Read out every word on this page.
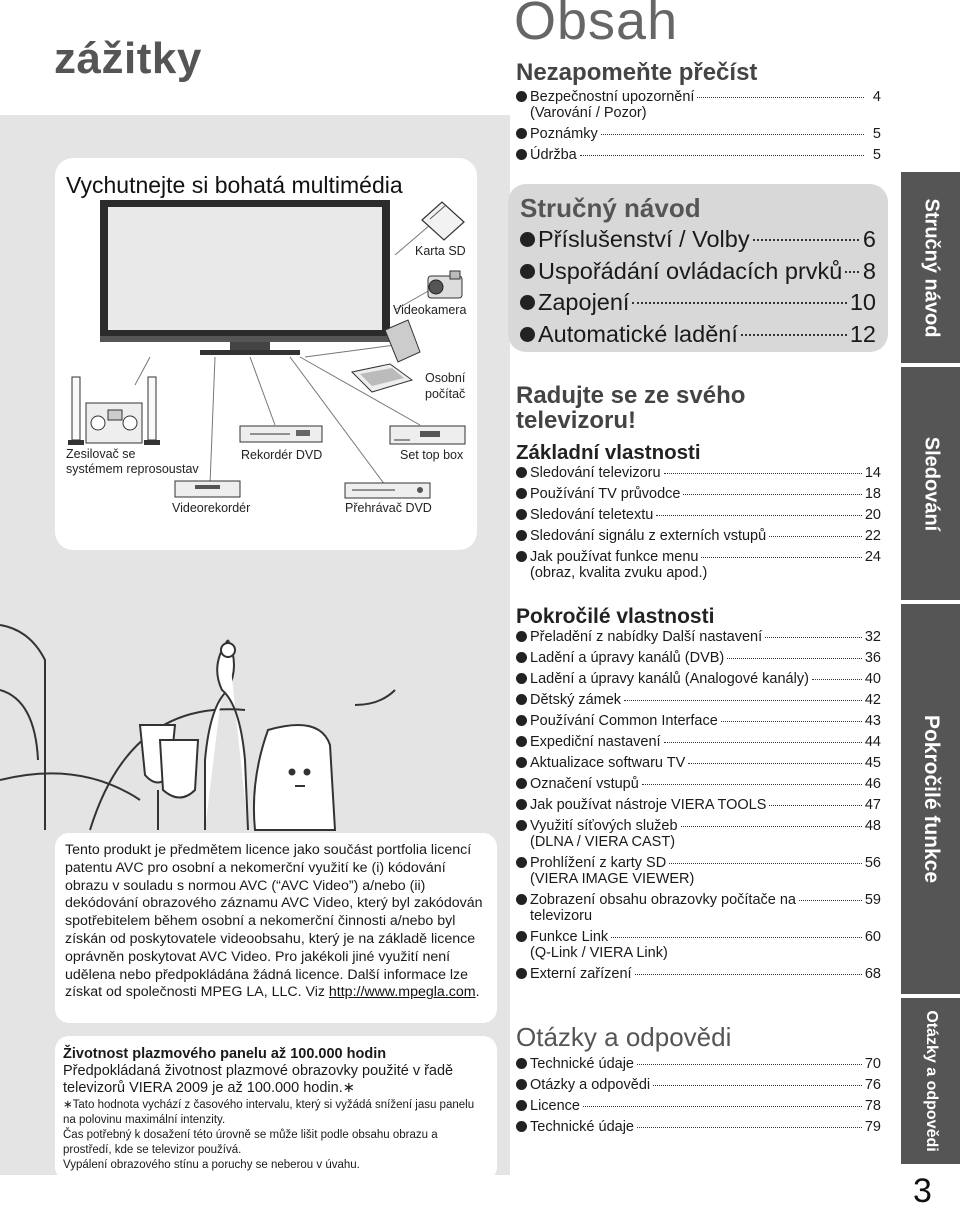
zážitky
Vychutnejte si bohatá multimédia
Karta SD
Videokamera
Osobní
počítač
Set top box
Přehrávač DVD
Rekordér DVD
Videorekordér
Zesilovač se
systémem reprosoustav
Tento produkt je předmětem licence jako součást portfolia licencí patentu AVC pro osobní a nekomerční využití ke (i) kódování obrazu v souladu s normou AVC (“AVC Video”) a/nebo (ii) dekódování obrazového záznamu AVC Video, který byl zakódován spotřebitelem během osobní a nekomerční činnosti a/nebo byl získán od poskytovatele videoobsahu, který je na základě licence oprávněn poskytovat AVC Video. Pro jakékoli jiné využití není udělena nebo předpokládána žádná licence. Další informace lze získat od společnosti MPEG LA, LLC. Viz http://www.mpegla.com.
Životnost plazmového panelu až 100.000 hodin
Předpokládaná životnost plazmové obrazovky použité v řadě televizorů VIERA 2009 je až 100.000 hodin.∗
∗Tato hodnota vychází z časového intervalu, který si vyžádá snížení jasu panelu na polovinu maximální intenzity.
Čas potřebný k dosažení této úrovně se může lišit podle obsahu obrazu a prostředí, kde se televizor používá.
Vypálení obrazového stínu a poruchy se neberou v úvahu.
Obsah
Nezapomeňte přečíst
Bezpečnostní upozornění	4
(Varování / Pozor)
Poznámky	5
Údržba	5
Stručný návod
Příslušenství / Volby	6
Uspořádání ovládacích prvků 8
Zapojení	10
Automatické ladění	12
Radujte se ze svého
televizoru!
Základní vlastnosti
Sledování televizoru	14
Používání TV průvodce	18
Sledování teletextu	20
Sledování signálu z externích vstupů	22
Jak používat funkce menu	24
(obraz, kvalita zvuku apod.)
Pokročilé vlastnosti
Přeladění z nabídky Další nastavení	32
Ladění a úpravy kanálů (DVB)	36
Ladění a úpravy kanálů (Analogové kanály)	40
Dětský zámek	42
Používání Common Interface	43
Expediční nastavení	44
Aktualizace softwaru TV	45
Označení vstupů	46
Jak používat nástroje VIERA TOOLS	47
Využití síťových služeb	48
(DLNA / VIERA CAST)
Prohlížení z karty SD	56
(VIERA IMAGE VIEWER)
Zobrazení obsahu obrazovky počítače na	59
televizoru
Funkce Link	60
(Q-Link / VIERA Link)
Externí zařízení	68
Otázky a odpovědi
Technické údaje	70
Otázky a odpovědi	76
Licence	78
Technické údaje	79
Stručný návod
Sledování
Pokročilé funkce
Otázky a odpovědi
3
